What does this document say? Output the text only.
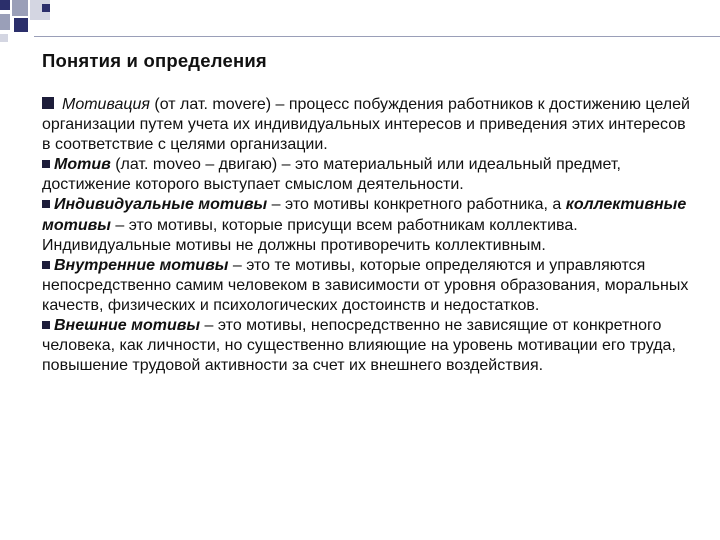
Понятия и определения

Мотивация (от лат. movere) – процесс побуждения работников к достижению целей организации путем учета их индивидуальных интересов и приведения этих интересов в соответствие с целями организации.

Мотив (лат. moveo – двигаю) – это материальный или идеальный предмет, достижение которого выступает смыслом деятельности.

Индивидуальные мотивы – это мотивы конкретного работника, а коллективные мотивы – это мотивы, которые присущи всем работникам коллектива. Индивидуальные мотивы не должны противоречить коллективным.

Внутренние мотивы – это те мотивы, которые определяются и управляются непосредственно самим человеком в зависимости от уровня образования, моральных качеств, физических и психологических достоинств и недостатков.

Внешние мотивы – это мотивы, непосредственно не зависящие от конкретного человека, как личности, но существенно влияющие на уровень мотивации его труда, повышение трудовой активности за счет их внешнего воздействия.
